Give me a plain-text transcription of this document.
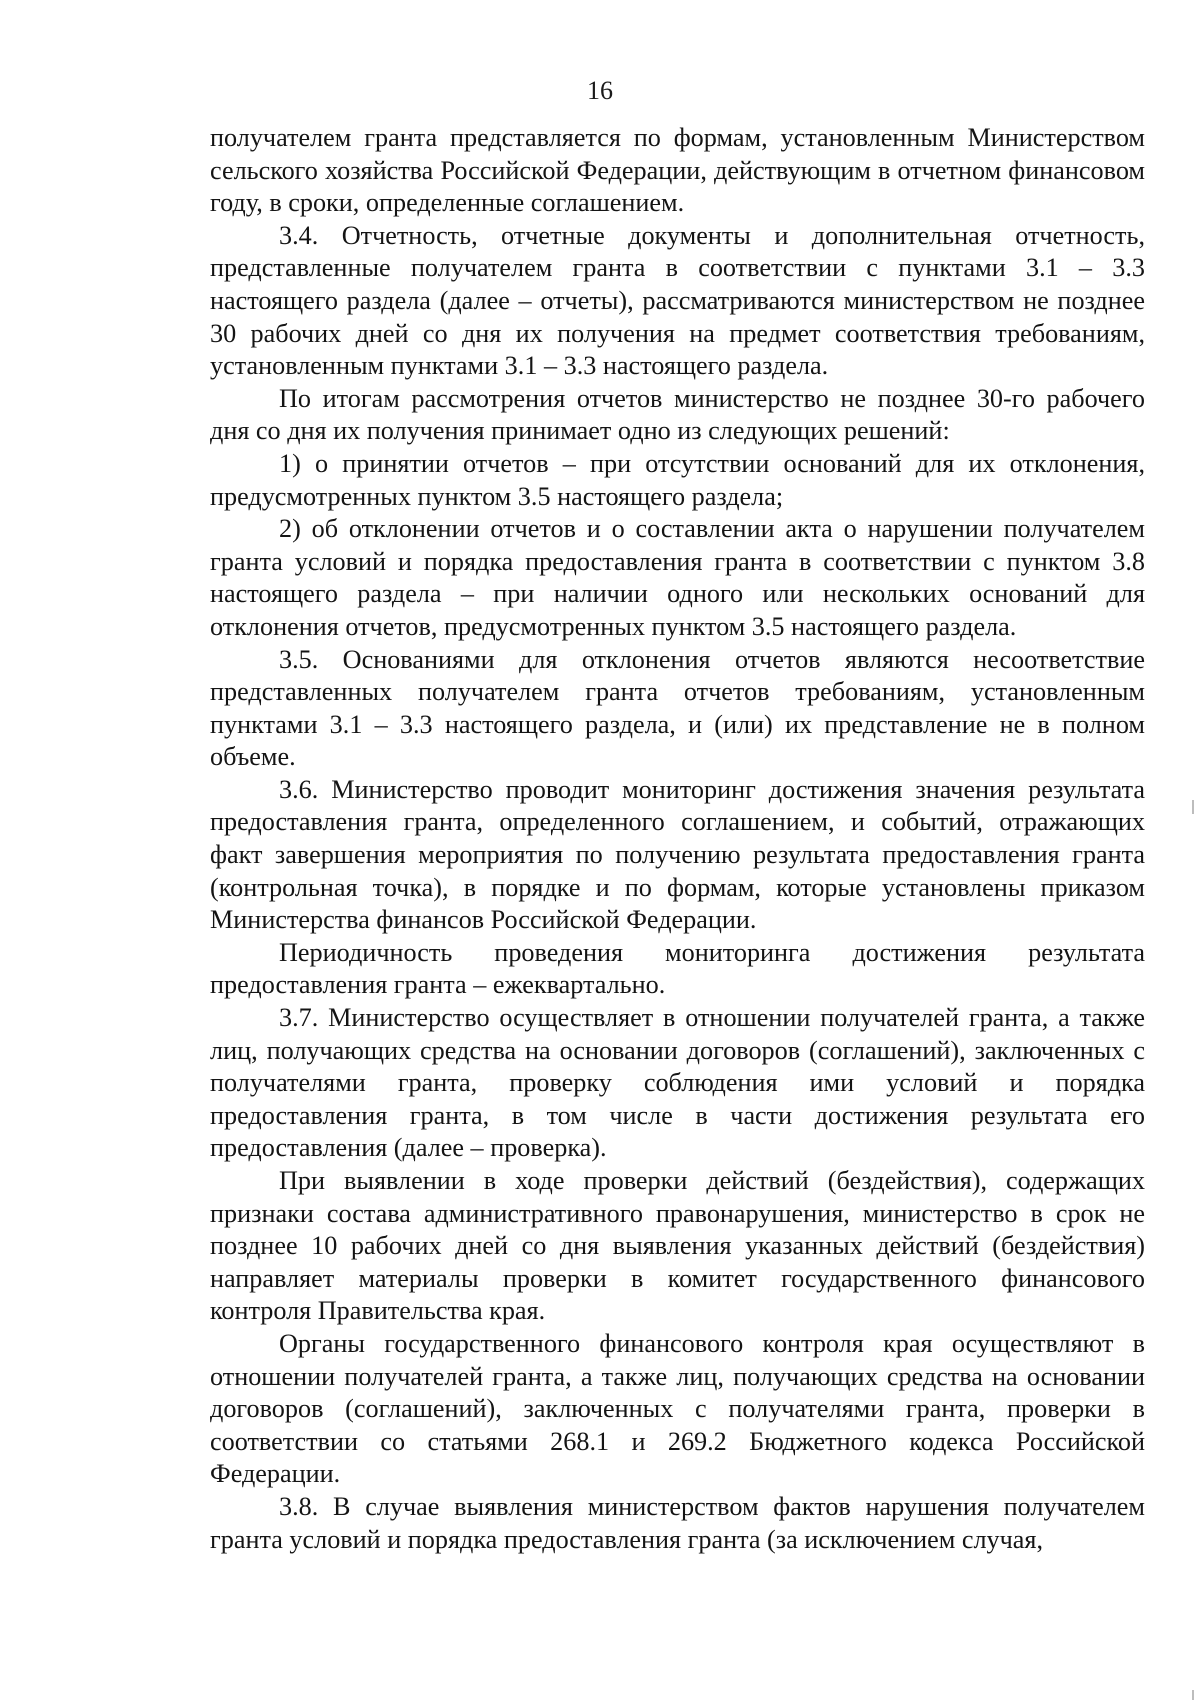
16

получателем гранта представляется по формам, установленным Министерством сельского хозяйства Российской Федерации, действующим в отчетном финансовом году, в сроки, определенные соглашением.

3.4. Отчетность, отчетные документы и дополнительная отчетность, представленные получателем гранта в соответствии с пунктами 3.1 – 3.3 настоящего раздела (далее – отчеты), рассматриваются министерством не позднее 30 рабочих дней со дня их получения на предмет соответствия требованиям, установленным пунктами 3.1 – 3.3 настоящего раздела.

По итогам рассмотрения отчетов министерство не позднее 30-го рабочего дня со дня их получения принимает одно из следующих решений:

1) о принятии отчетов – при отсутствии оснований для их отклонения, предусмотренных пунктом 3.5 настоящего раздела;

2) об отклонении отчетов и о составлении акта о нарушении получателем гранта условий и порядка предоставления гранта в соответствии с пунктом 3.8 настоящего раздела – при наличии одного или нескольких оснований для отклонения отчетов, предусмотренных пунктом 3.5 настоящего раздела.

3.5. Основаниями для отклонения отчетов являются несоответствие представленных получателем гранта отчетов требованиям, установленным пунктами 3.1 – 3.3 настоящего раздела, и (или) их представление не в полном объеме.

3.6. Министерство проводит мониторинг достижения значения результата предоставления гранта, определенного соглашением, и событий, отражающих факт завершения мероприятия по получению результата предоставления гранта (контрольная точка), в порядке и по формам, которые установлены приказом Министерства финансов Российской Федерации.

Периодичность проведения мониторинга достижения результата предоставления гранта – ежеквартально.

3.7. Министерство осуществляет в отношении получателей гранта, а также лиц, получающих средства на основании договоров (соглашений), заключенных с получателями гранта, проверку соблюдения ими условий и порядка предоставления гранта, в том числе в части достижения результата его предоставления (далее – проверка).

При выявлении в ходе проверки действий (бездействия), содержащих признаки состава административного правонарушения, министерство в срок не позднее 10 рабочих дней со дня выявления указанных действий (бездействия) направляет материалы проверки в комитет государственного финансового контроля Правительства края.

Органы государственного финансового контроля края осуществляют в отношении получателей гранта, а также лиц, получающих средства на основании договоров (соглашений), заключенных с получателями гранта, проверки в соответствии со статьями 268.1 и 269.2 Бюджетного кодекса Российской Федерации.

3.8. В случае выявления министерством фактов нарушения получателем гранта условий и порядка предоставления гранта (за исключением случая,
